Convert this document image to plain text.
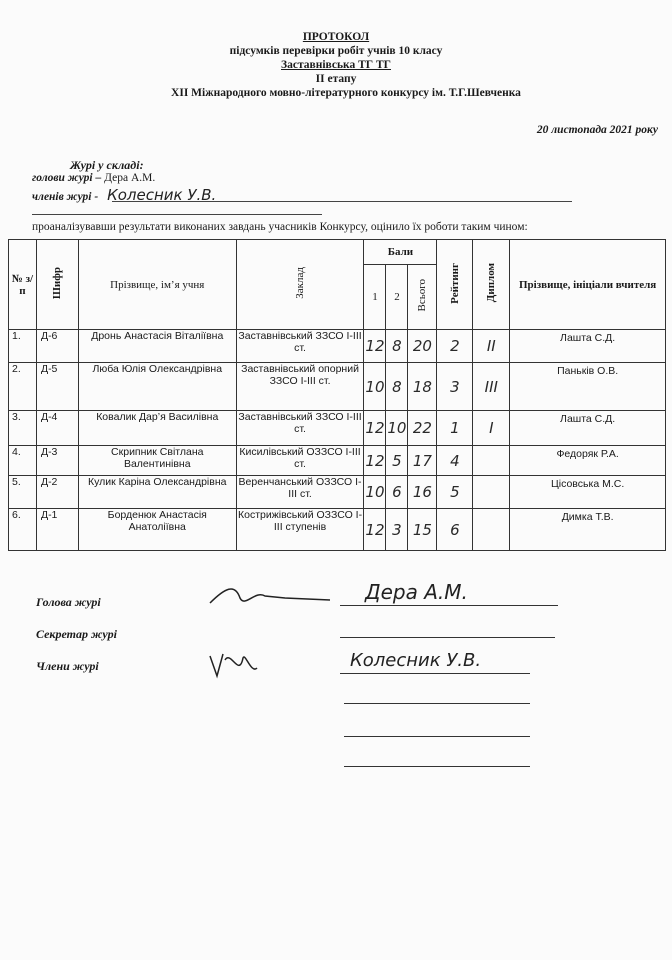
ПРОТОКОЛ
підсумків перевірки робіт учнів 10 класу
Заставнівська ТГ ТГ
ІІ етапу
ХІІ Міжнародного мовно-літературного конкурсу ім. Т.Г.Шевченка
20 листопада 2021 року
Журі у складі:
голови журі – Дера А.М.
членів журі - Колесник У.В.
проаналізувавши результати виконаних завдань учасників Конкурсу, оцінило їх роботи таким чином:
№ з/п	Шифр	Прізвище, ім’я учня	Заклад	Бали			Рейтинг	Диплом	Прізвище, ініціали вчителя
				1	2	Всього			
1.	Д-6	Дронь Анастасія Віталіївна	Заставнівський ЗЗСО І-ІІІ ст.	12	8	20	2	ІІ	Лашта С.Д.
2.	Д-5	Люба Юлія Олександрівна	Заставнівський опорний ЗЗСО І-ІІІ ст.	10	8	18	3	ІІІ	Паньків О.В.
3.	Д-4	Ковалик Дар’я Василівна	Заставнівський ЗЗСО І-ІІІ ст.	12	10	22	1	І	Лашта С.Д.
4.	Д-3	Скрипник Світлана Валентинівна	Кисилівський ОЗЗСО І-ІІІ ст.	12	5	17	4		Федоряк Р.А.
5.	Д-2	Кулик Каріна Олександрівна	Веренчанський ОЗЗСО І-ІІІ ст.	10	6	16	5		Цісовська М.С.
6.	Д-1	Борденюк Анастасія Анатоліївна	Кострижівський ОЗЗСО І-ІІІ ступенів	12	3	15	6		Димка Т.В.
Голова журі	Дера А.М.
Секретар журі
Члени журі	Колесник У.В.
